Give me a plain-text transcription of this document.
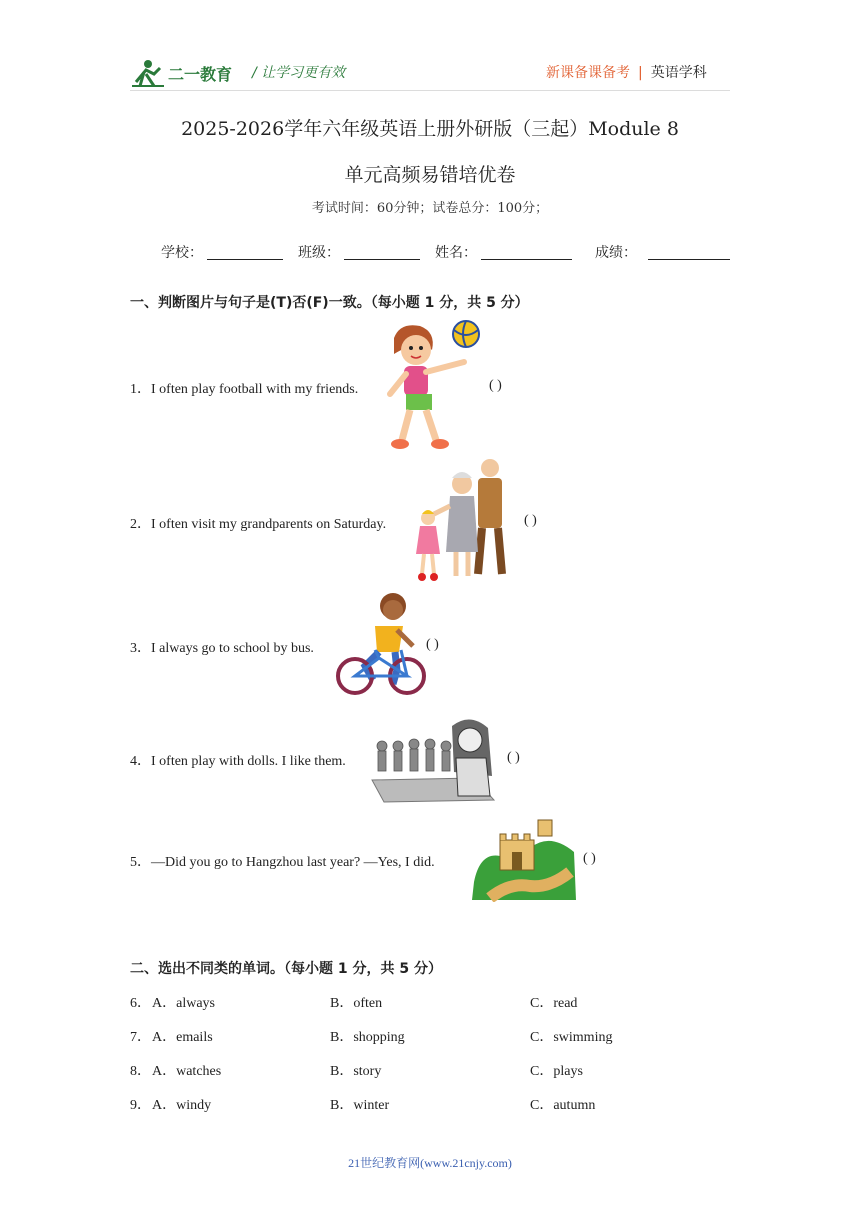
二一教育 / 让学习更有效	新课备课备考 | 英语学科
2025-2026学年六年级英语上册外研版（三起）Module 8
单元高频易错培优卷
考试时间：60分钟；试卷总分：100分；
学校：	班级：	姓名：	成绩：
一、判断图片与句子是(T)否(F)一致。（每小题 1 分，共 5 分）
1．I often play football with my friends.	( )
2．I often visit my grandparents on Saturday.	( )
3．I always go to school by bus.	( )
4．I often play with dolls. I like them.	( )
5．—Did you go to Hangzhou last year? —Yes, I did.	( )
二、选出不同类的单词。（每小题 1 分，共 5 分）
6． A．always	B．often	C．read
7． A．emails	B．shopping	C．swimming
8． A．watches	B．story	C．plays
9． A．windy	B．winter	C．autumn
21世纪教育网(www.21cnjy.com)
